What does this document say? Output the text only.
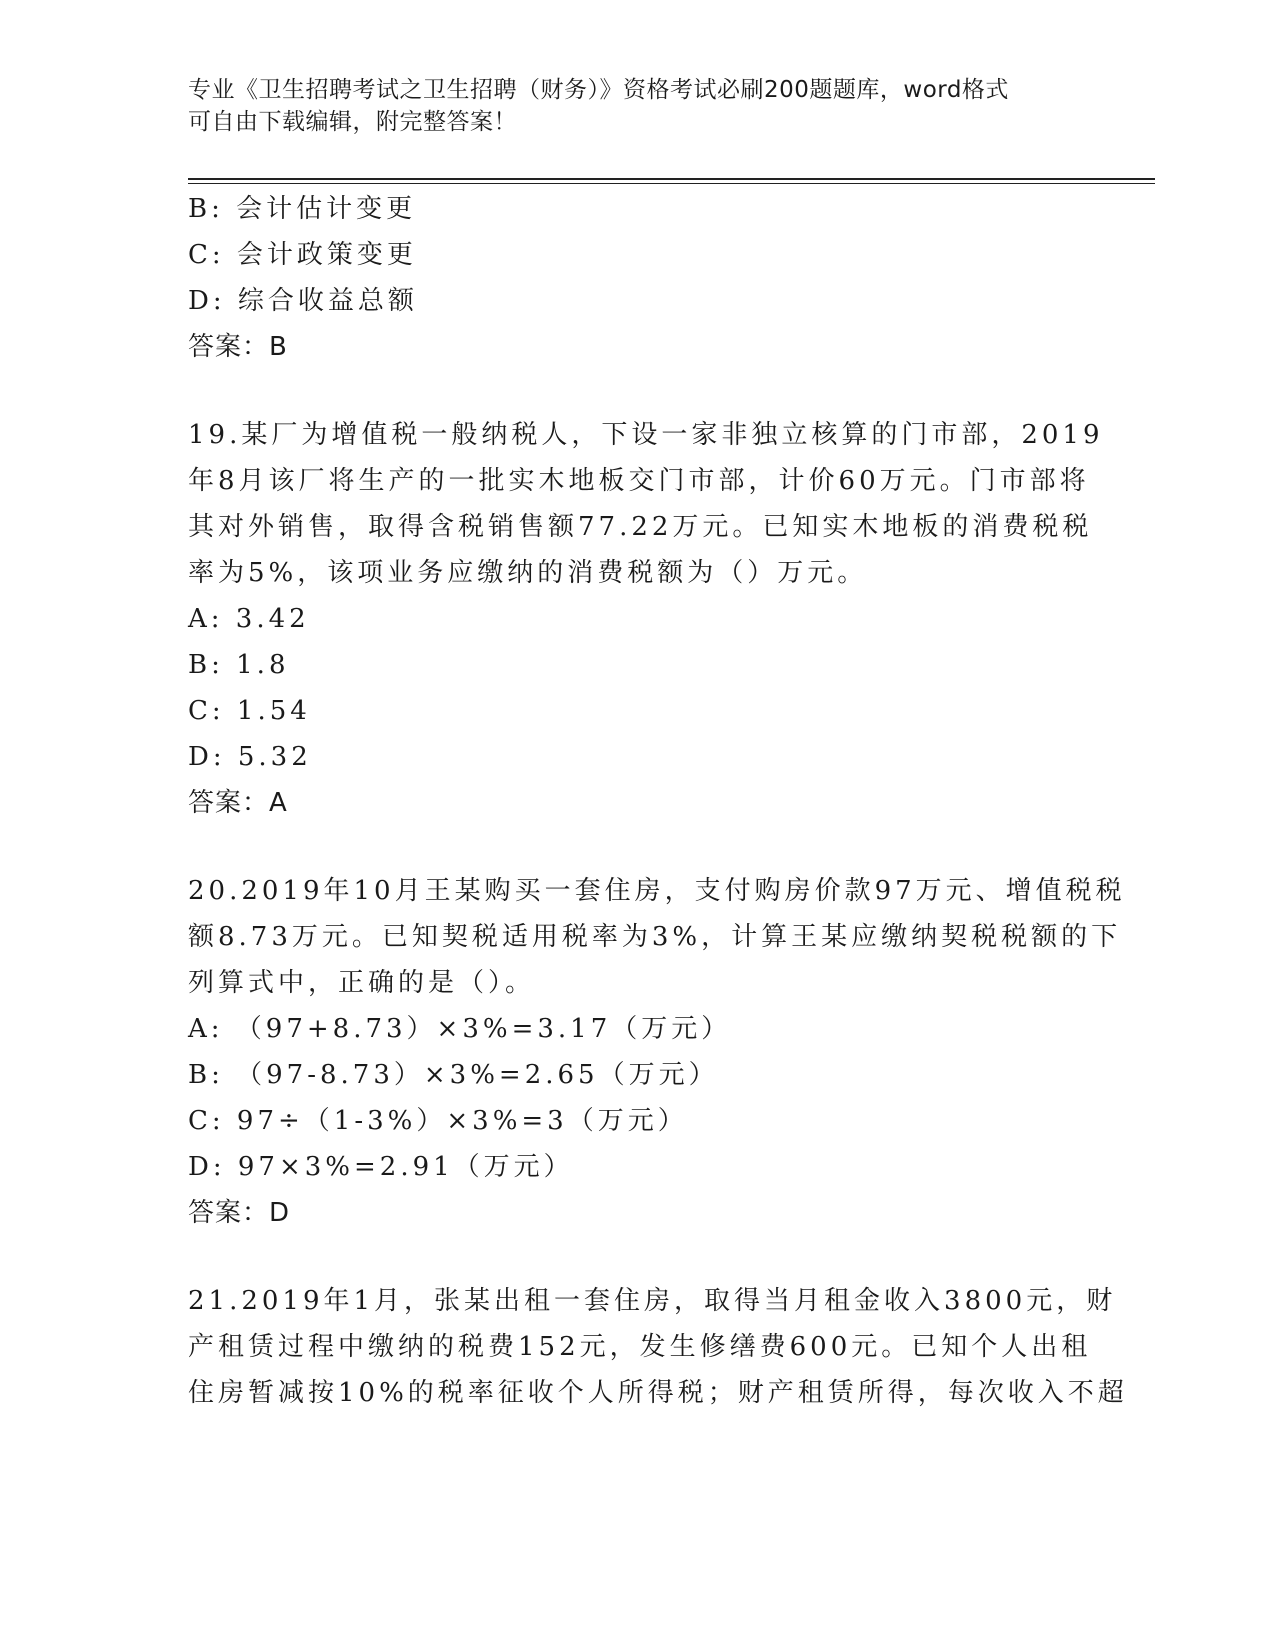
专业《卫生招聘考试之卫生招聘（财务）》资格考试必刷200题题库，word格式
可自由下载编辑，附完整答案！
B: 会计估计变更
C: 会计政策变更
D: 综合收益总额
答案：B
19.某厂为增值税一般纳税人，下设一家非独立核算的门市部，2019
年8月该厂将生产的一批实木地板交门市部，计价60万元。门市部将
其对外销售，取得含税销售额77.22万元。已知实木地板的消费税税
率为5%，该项业务应缴纳的消费税额为（）万元。
A: 3.42
B: 1.8
C: 1.54
D: 5.32
答案：A
20.2019年10月王某购买一套住房，支付购房价款97万元、增值税税
额8.73万元。已知契税适用税率为3%，计算王某应缴纳契税税额的下
列算式中，正确的是（）。
A: （97+8.73）×3%=3.17（万元）
B: （97-8.73）×3%=2.65（万元）
C: 97÷（1-3%）×3%=3（万元）
D: 97×3%=2.91（万元）
答案：D
21.2019年1月，张某出租一套住房，取得当月租金收入3800元，财
产租赁过程中缴纳的税费152元，发生修缮费600元。已知个人出租
住房暂减按10%的税率征收个人所得税；财产租赁所得，每次收入不超
